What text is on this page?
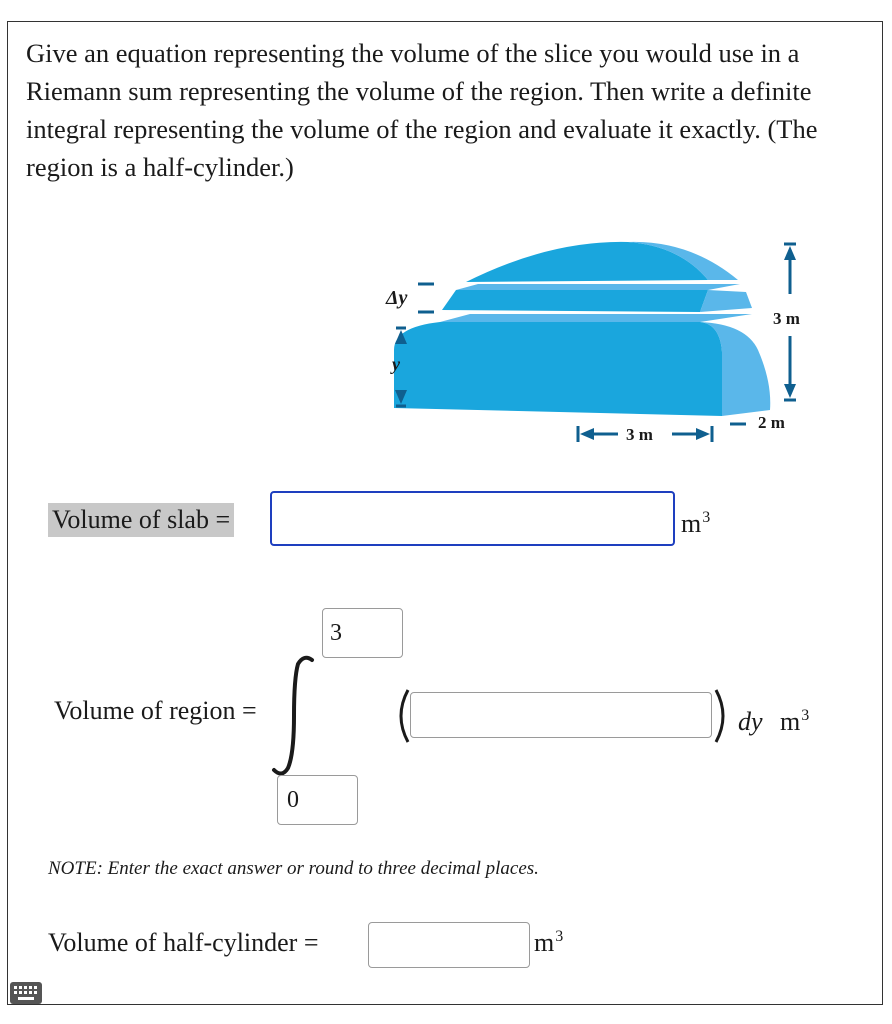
Give an equation representing the volume of the slice you would use in a Riemann sum representing the volume of the region. Then write a definite integral representing the volume of the region and evaluate it exactly. (The region is a half-cylinder.)
Δy
y
3 m
2 m
3 m
Volume of slab =	$m^3$
Volume of region =
3
0
dy $m^3$
NOTE: Enter the exact answer or round to three decimal places.
Volume of half-cylinder =	$m^3$
